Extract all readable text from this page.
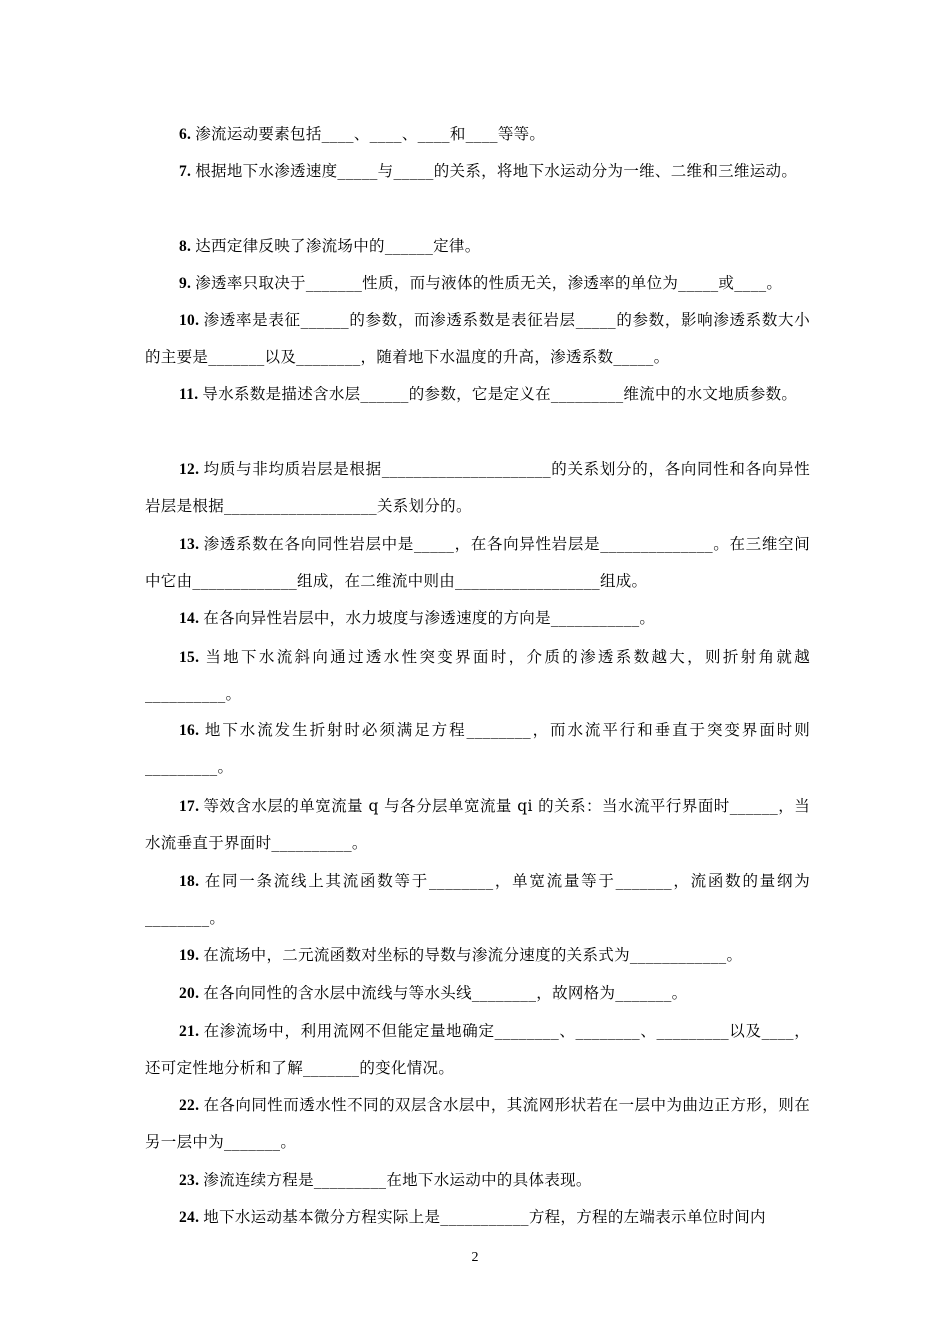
6. 渗流运动要素包括____、____、____和____等等。
7. 根据地下水渗透速度_____与_____的关系，将地下水运动分为一维、二维和三维运动。
8. 达西定律反映了渗流场中的______定律。
9. 渗透率只取决于_______性质，而与液体的性质无关，渗透率的单位为_____或____。
10. 渗透率是表征______的参数，而渗透系数是表征岩层_____的参数，影响渗透系数大小的主要是_______以及________，随着地下水温度的升高，渗透系数_____。
11. 导水系数是描述含水层______的参数，它是定义在_________维流中的水文地质参数。
12. 均质与非均质岩层是根据_____________________的关系划分的，各向同性和各向异性岩层是根据___________________关系划分的。
13. 渗透系数在各向同性岩层中是_____，在各向异性岩层是______________。在三维空间中它由_____________组成，在二维流中则由__________________组成。
14. 在各向异性岩层中，水力坡度与渗透速度的方向是___________。
15. 当地下水流斜向通过透水性突变界面时，介质的渗透系数越大，则折射角就越__________。
16. 地下水流发生折射时必须满足方程________，而水流平行和垂直于突变界面时则_________。
17. 等效含水层的单宽流量 q 与各分层单宽流量 qi 的关系：当水流平行界面时______，当水流垂直于界面时__________。
18. 在同一条流线上其流函数等于________，单宽流量等于_______，流函数的量纲为________。
19. 在流场中，二元流函数对坐标的导数与渗流分速度的关系式为____________。
20. 在各向同性的含水层中流线与等水头线________，故网格为_______。
21. 在渗流场中，利用流网不但能定量地确定________、________、_________以及____，还可定性地分析和了解_______的变化情况。
22. 在各向同性而透水性不同的双层含水层中，其流网形状若在一层中为曲边正方形，则在另一层中为_______。
23. 渗流连续方程是_________在地下水运动中的具体表现。
24. 地下水运动基本微分方程实际上是___________方程，方程的左端表示单位时间内
2
